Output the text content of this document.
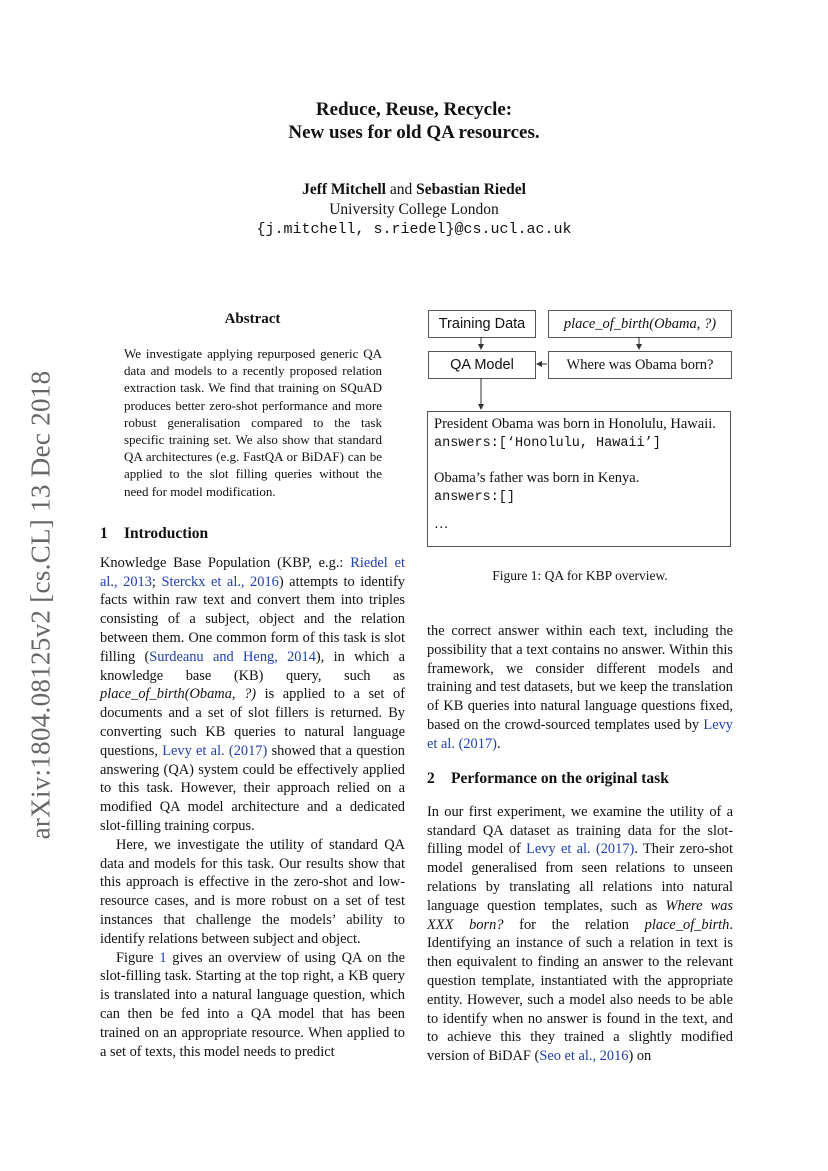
arXiv:1804.08125v2 [cs.CL] 13 Dec 2018
Reduce, Reuse, Recycle:
New uses for old QA resources.
Jeff Mitchell and Sebastian Riedel
University College London
{j.mitchell, s.riedel}@cs.ucl.ac.uk
Abstract
We investigate applying repurposed generic QA data and models to a recently proposed relation extraction task. We find that training on SQuAD produces better zero-shot performance and more robust generalisation compared to the task specific training set. We also show that standard QA architectures (e.g. FastQA or BiDAF) can be applied to the slot filling queries without the need for model modification.
1 Introduction

Knowledge Base Population (KBP, e.g.: Riedel et al., 2013; Sterckx et al., 2016) attempts to identify facts within raw text and convert them into triples consisting of a subject, object and the relation between them. One common form of this task is slot filling (Surdeanu and Heng, 2014), in which a knowledge base (KB) query, such as place_of_birth(Obama, ?) is applied to a set of documents and a set of slot fillers is returned. By converting such KB queries to natural language questions, Levy et al. (2017) showed that a question answering (QA) system could be effectively applied to this task. However, their approach relied on a modified QA model architecture and a dedicated slot-filling training corpus.

Here, we investigate the utility of standard QA data and models for this task. Our results show that this approach is effective in the zero-shot and low-resource cases, and is more robust on a set of test instances that challenge the models’ ability to identify relations between subject and object.

Figure 1 gives an overview of using QA on the slot-filling task. Starting at the top right, a KB query is translated into a natural language question, which can then be fed into a QA model that has been trained on an appropriate resource. When applied to a set of texts, this model needs to predict

Training Data	place_of_birth(Obama, ?)
QA Model	Where was Obama born?
President Obama was born in Honolulu, Hawaii.
answers:[‘Honolulu, Hawaii’]
Obama’s father was born in Kenya.
answers:[]
…
Figure 1: QA for KBP overview.

the correct answer within each text, including the possibility that a text contains no answer. Within this framework, we consider different models and training and test datasets, but we keep the translation of KB queries into natural language questions fixed, based on the crowd-sourced templates used by Levy et al. (2017).

2 Performance on the original task

In our first experiment, we examine the utility of a standard QA dataset as training data for the slot-filling model of Levy et al. (2017). Their zero-shot model generalised from seen relations to unseen relations by translating all relations into natural language question templates, such as Where was XXX born? for the relation place_of_birth. Identifying an instance of such a relation in text is then equivalent to finding an answer to the relevant question template, instantiated with the appropriate entity. However, such a model also needs to be able to identify when no answer is found in the text, and to achieve this they trained a slightly modified version of BiDAF (Seo et al., 2016) on
